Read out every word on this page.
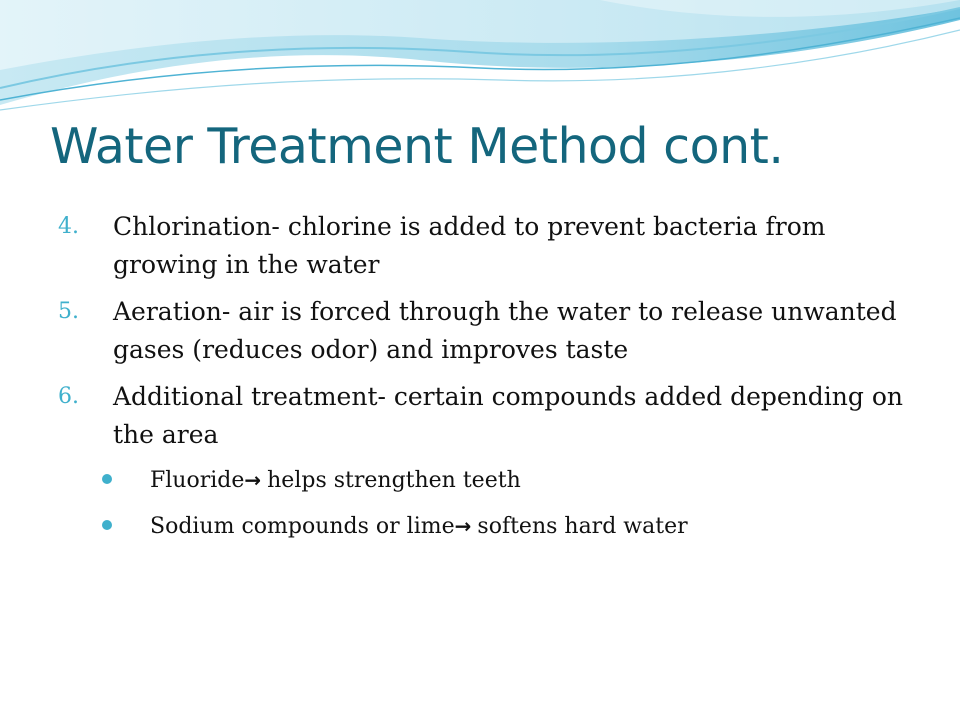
Water Treatment Method cont.
4. Chlorination- chlorine is added to prevent bacteria from growing in the water
5. Aeration- air is forced through the water to release unwanted gases (reduces odor) and improves taste
6. Additional treatment- certain compounds added depending on the area
Fluoride→ helps strengthen teeth
Sodium compounds or lime→ softens hard water
